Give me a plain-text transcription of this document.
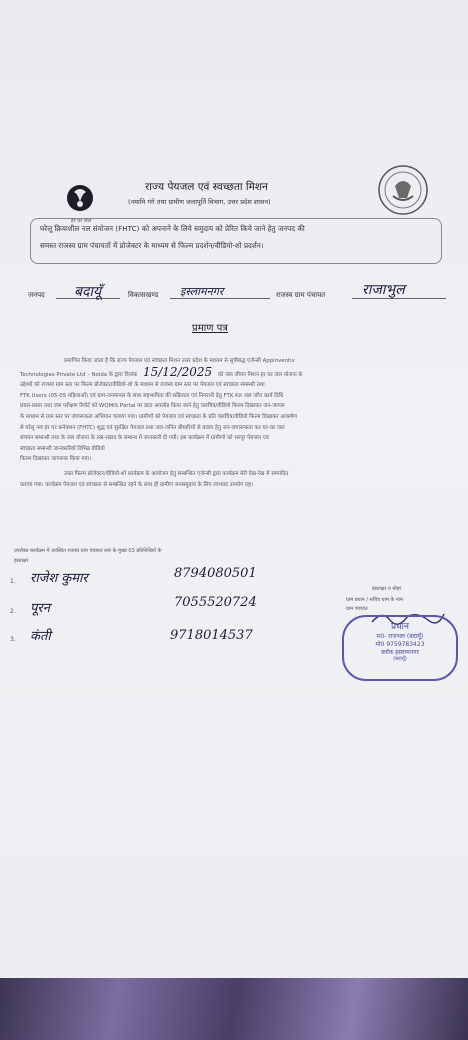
हर घर जल
राज्य पेयजल एवं स्वच्छता मिशन
(नमामि गंगे तथा ग्रामीण जलापूर्ति विभाग, उत्तर प्रदेश शासन)
घरेलू क्रियाशील नल संयोजन (FHTC) को अपनाने के लिये समुदाय को प्रेरित किये जाने हेतु जनपद की
समस्त राजस्व ग्राम पंचायतों में प्रोजेक्टर के माध्यम से फिल्म प्रदर्शन/वीडियो-शो प्रदर्शन।
जनपद बदायूँ	विकासखण्ड इस्लामनगर	राजस्व ग्राम पंचायत	राजाभुल
प्रमाण पत्र
प्रमाणित किया जाता है कि राज्य पेयजल एवं स्वच्छता मिशन उत्तर प्रदेश के माध्यम से सूचीबद्ध एजेन्सी Appinventiv
Technologies Private Ltd – Noida के द्वारा दिनांक 15/12/2025 को जल जीवन मिशन हर घर जल योजना के
उद्देश्यों को राजस्व ग्राम स्तर पर फिल्म प्रोजेक्टर/वीडियो-शो के माध्यम से राजस्व ग्राम स्तर पर पेयजल एवं स्वच्छता सम्बन्धी तथा
FTK Users (05-05 महिलाओं) एवं ग्राम-जनमानस के साथ सहभागिता की सक्रियता एवं निगरानी हेतु FTK Kit जल जाँच कार्य विधि
प्रचार-प्रसार तथा जल परीक्षण रिपोर्ट को WQMIS Portal पर डाटा अपलोड किया जाने हेतु चलचित्र/वीडियो फिल्म दिखाकर जन-जागरू
के माध्यम से ग्राम स्तर पर जागरूकता अभियान चलाया गया। ग्रामीणों को पेयजल एवं स्वच्छता के प्रति चलचित्र/वीडियो फिल्म दिखाकर आकर्षण
से घरेलू नल हर घर कनेक्शन (FHTC) शुद्ध एवं सुरक्षित पेयजल तथा जल-जनित बीमारियों से बचाव हेतु जन-जागरूकता कर घर-घर जल
संचयन सम्बन्धी तथा के जल योजना के रख-रखाव के सम्बन्ध में जानकारी दी गयी। इस कार्यक्रम में ग्रामीणों को भरपूर पेयजल एवं
स्वच्छता सम्बन्धी जानकारियाँ विभिन्न वीडियो
फिल्म दिखाकर जागरूक किया गया।
उक्त फिल्म प्रोजेक्टर/वीडियो-शो कार्यक्रम के आयोजन हेतु सम्बन्धित एजेन्सी द्वारा कार्यक्रम मेरी देख-रेख में सम्पादित
कराया गया। कार्यक्रम पेयजल एवं स्वच्छता से सम्बन्धित रहने के साथ ही ग्रामीण जनसमुदाय के लिए लाभप्रद उपयोग रहा।
उपरोक्त कार्यक्रम में उपस्थित राजस्व ग्राम पंचायत स्तर के मुख्य 03 प्रतिनिधियों के
हस्ताक्षर
1. राजेश कुमार	8794080501
2. पूरन	7055520724
3. कंती	9718014537
हस्ताक्षर व मोहर
ग्राम प्रधान / सचिव ग्राम के नाम
ग्राम पंचायत
प्रधान
म0- राजभल (बदायूँ)
मो0 9759783423
ब्लॉक इस्लामनगर
(बदायूँ)
